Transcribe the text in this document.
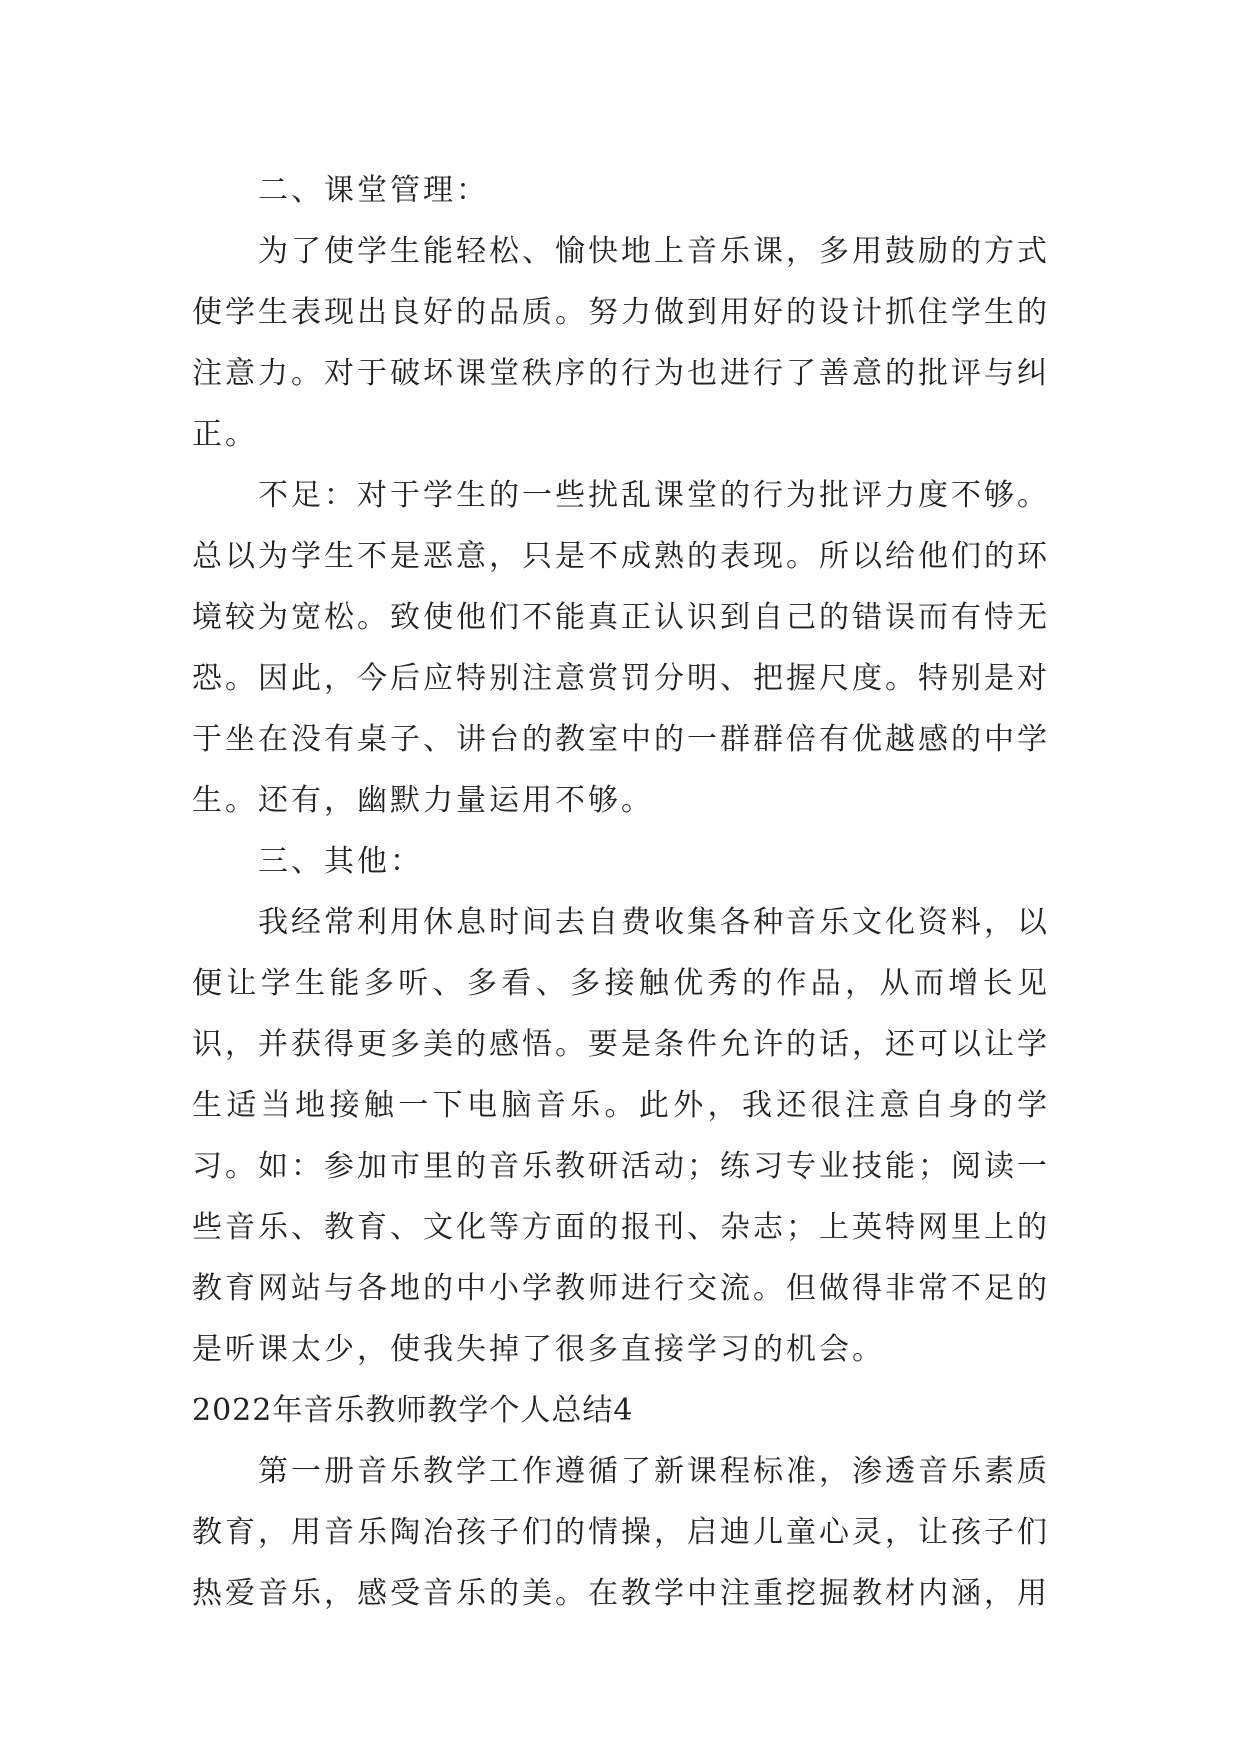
二、课堂管理：

为了使学生能轻松、愉快地上音乐课，多用鼓励的方式使学生表现出良好的品质。努力做到用好的设计抓住学生的注意力。对于破坏课堂秩序的行为也进行了善意的批评与纠正。

不足：对于学生的一些扰乱课堂的行为批评力度不够。总以为学生不是恶意，只是不成熟的表现。所以给他们的环境较为宽松。致使他们不能真正认识到自己的错误而有恃无恐。因此，今后应特别注意赏罚分明、把握尺度。特别是对于坐在没有桌子、讲台的教室中的一群群倍有优越感的中学生。还有，幽默力量运用不够。

三、其他：

我经常利用休息时间去自费收集各种音乐文化资料，以便让学生能多听、多看、多接触优秀的作品，从而增长见识，并获得更多美的感悟。要是条件允许的话，还可以让学生适当地接触一下电脑音乐。此外，我还很注意自身的学习。如：参加市里的音乐教研活动；练习专业技能；阅读一些音乐、教育、文化等方面的报刊、杂志；上英特网里上的教育网站与各地的中小学教师进行交流。但做得非常不足的是听课太少，使我失掉了很多直接学习的机会。

2022年音乐教师教学个人总结4

第一册音乐教学工作遵循了新课程标准，渗透音乐素质教育，用音乐陶冶孩子们的情操，启迪儿童心灵，让孩子们热爱音乐，感受音乐的美。在教学中注重挖掘教材内涵，用
